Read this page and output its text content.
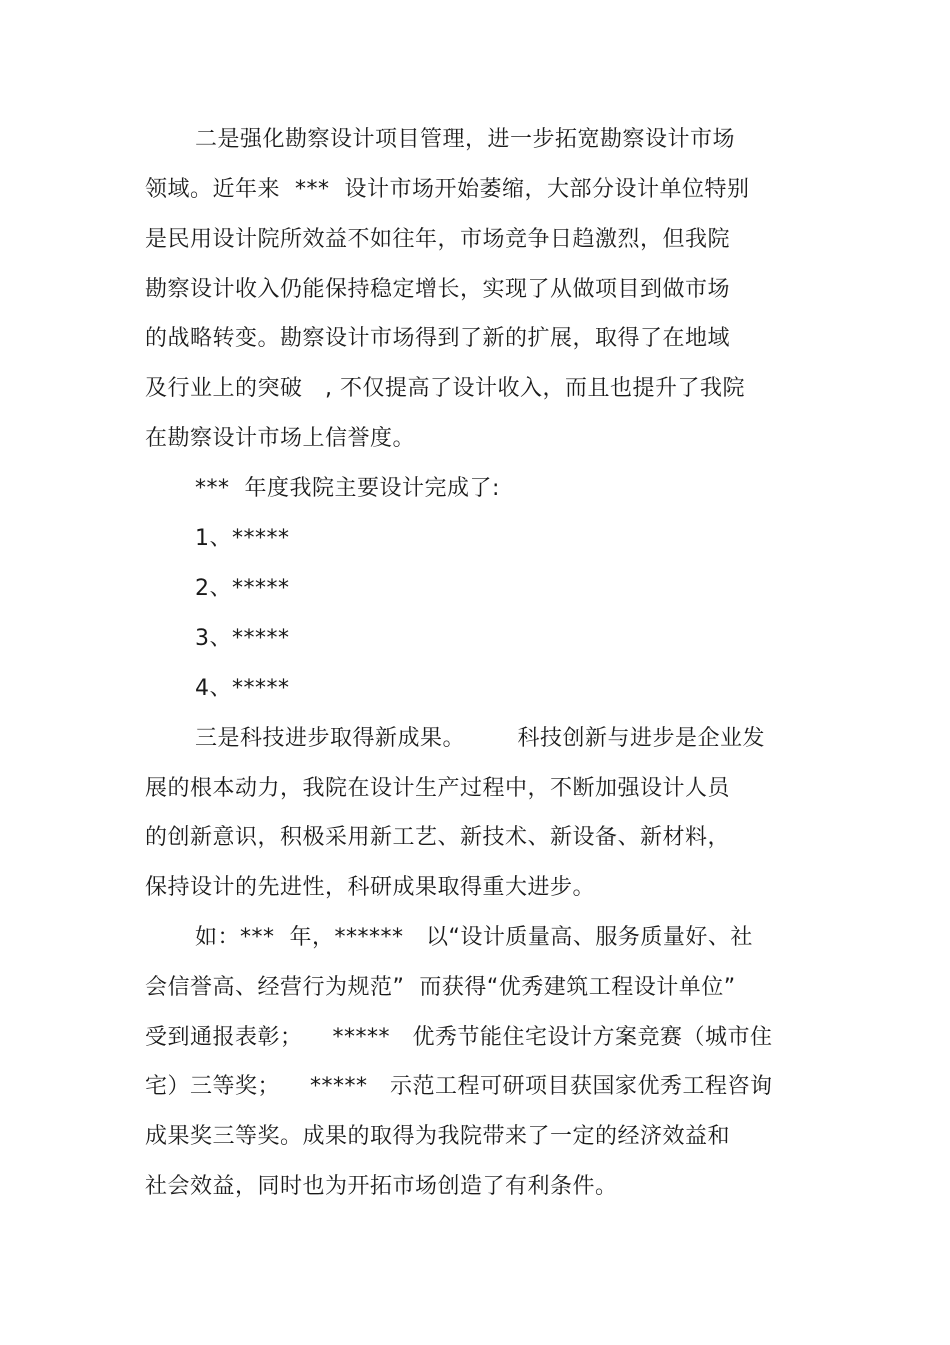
二是强化勘察设计项目管理，进一步拓宽勘察设计市场
领域。近年来  ***  设计市场开始萎缩，大部分设计单位特别
是民用设计院所效益不如往年，市场竞争日趋激烈，但我院
勘察设计收入仍能保持稳定增长，实现了从做项目到做市场
的战略转变。勘察设计市场得到了新的扩展，取得了在地域
及行业上的突破   , 不仅提高了设计收入，而且也提升了我院
在勘察设计市场上信誉度。
***  年度我院主要设计完成了:
1、*****
2、*****
3、*****
4、*****
三是科技进步取得新成果。       科技创新与进步是企业发
展的根本动力，我院在设计生产过程中，不断加强设计人员
的创新意识，积极采用新工艺、新技术、新设备、新材料，
保持设计的先进性，科研成果取得重大进步。
如：***  年，******   以“设计质量高、服务质量好、社
会信誉高、经营行为规范”  而获得“优秀建筑工程设计单位”
受到通报表彰；    *****   优秀节能住宅设计方案竞赛（城市住
宅）三等奖；    *****   示范工程可研项目获国家优秀工程咨询
成果奖三等奖。成果的取得为我院带来了一定的经济效益和
社会效益，同时也为开拓市场创造了有利条件。
